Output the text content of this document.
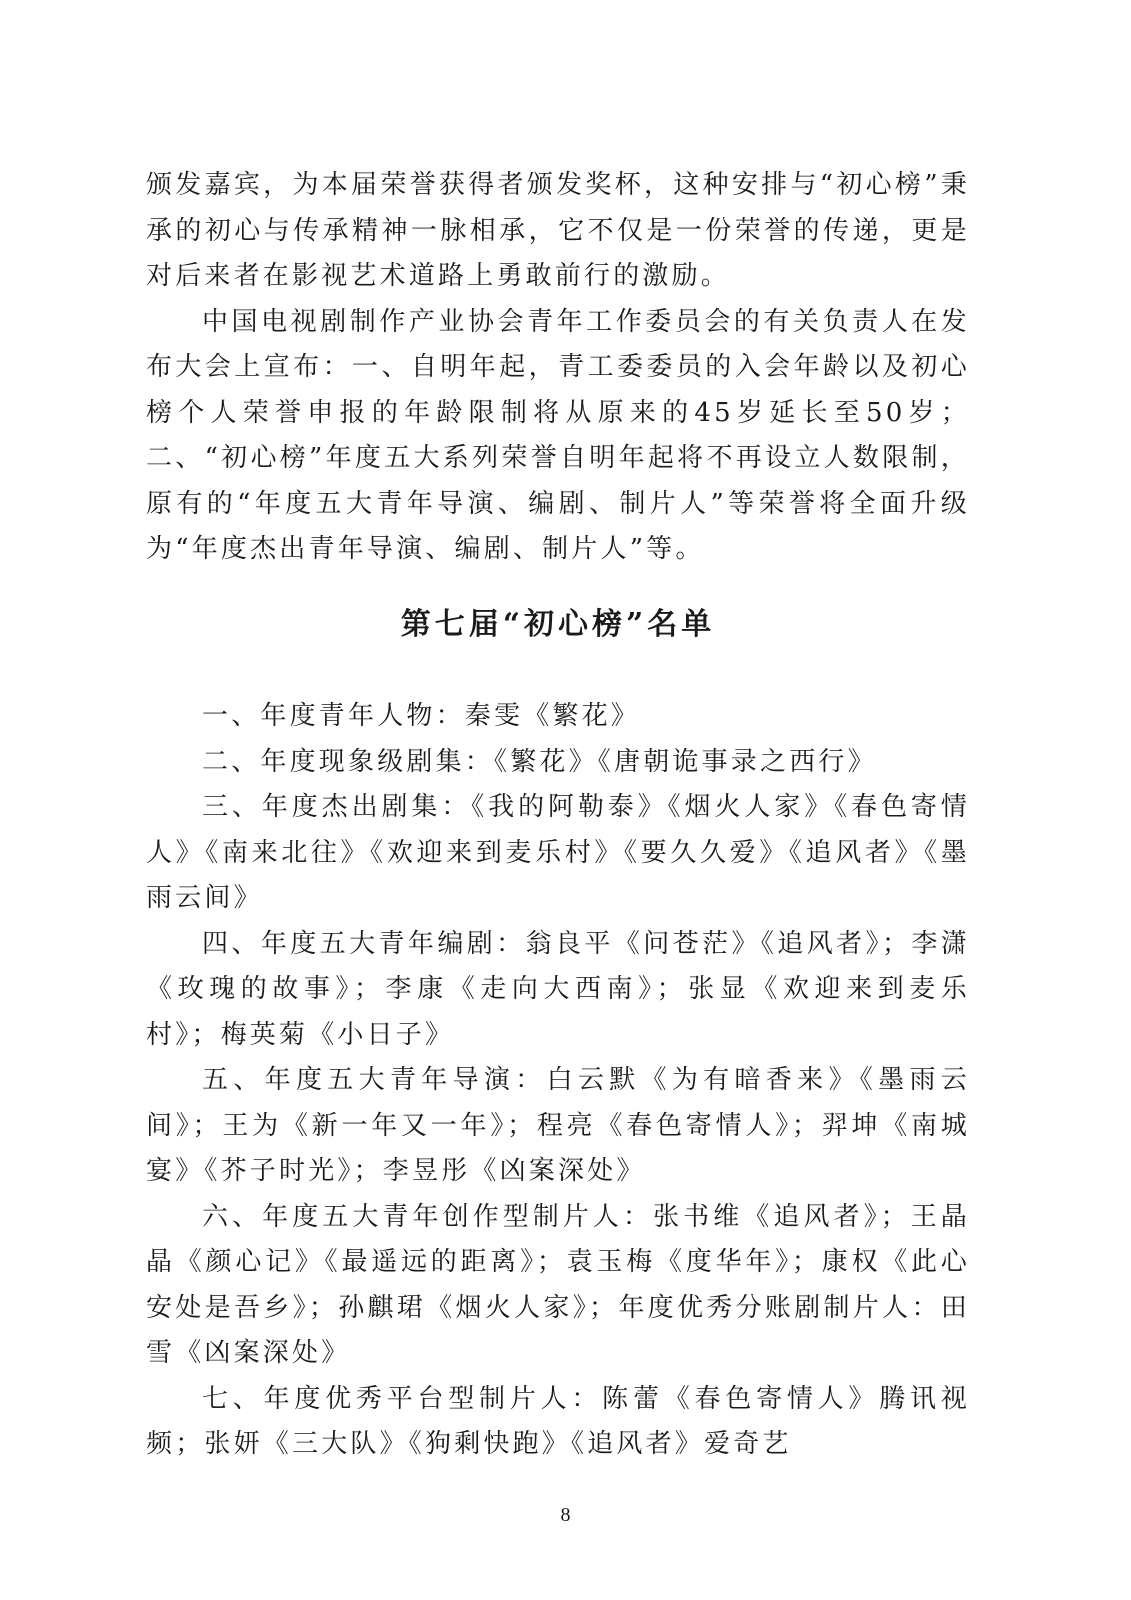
颁发嘉宾，为本届荣誉获得者颁发奖杯，这种安排与“初心榜”秉承的初心与传承精神一脉相承，它不仅是一份荣誉的传递，更是对后来者在影视艺术道路上勇敢前行的激励。

中国电视剧制作产业协会青年工作委员会的有关负责人在发布大会上宣布：一、自明年起，青工委委员的入会年龄以及初心榜个人荣誉申报的年龄限制将从原来的45岁延长至50岁；二、“初心榜”年度五大系列荣誉自明年起将不再设立人数限制，原有的“年度五大青年导演、编剧、制片人”等荣誉将全面升级为“年度杰出青年导演、编剧、制片人”等。

第七届“初心榜”名单

一、年度青年人物：秦雯《繁花》

二、年度现象级剧集：《繁花》《唐朝诡事录之西行》

三、年度杰出剧集：《我的阿勒泰》《烟火人家》《春色寄情人》《南来北往》《欢迎来到麦乐村》《要久久爱》《追风者》《墨雨云间》

四、年度五大青年编剧：翁良平《问苍茫》《追风者》；李潇《玫瑰的故事》；李康《走向大西南》；张显《欢迎来到麦乐村》；梅英菊《小日子》

五、年度五大青年导演：白云默《为有暗香来》《墨雨云间》；王为《新一年又一年》；程亮《春色寄情人》；羿坤《南城宴》《芥子时光》；李昱彤《凶案深处》

六、年度五大青年创作型制片人：张书维《追风者》；王晶晶《颜心记》《最遥远的距离》；袁玉梅《度华年》；康权《此心安处是吾乡》；孙麒珺《烟火人家》；年度优秀分账剧制片人：田雪《凶案深处》

七、年度优秀平台型制片人：陈蕾《春色寄情人》腾讯视频；张妍《三大队》《狗剩快跑》《追风者》爱奇艺

8
